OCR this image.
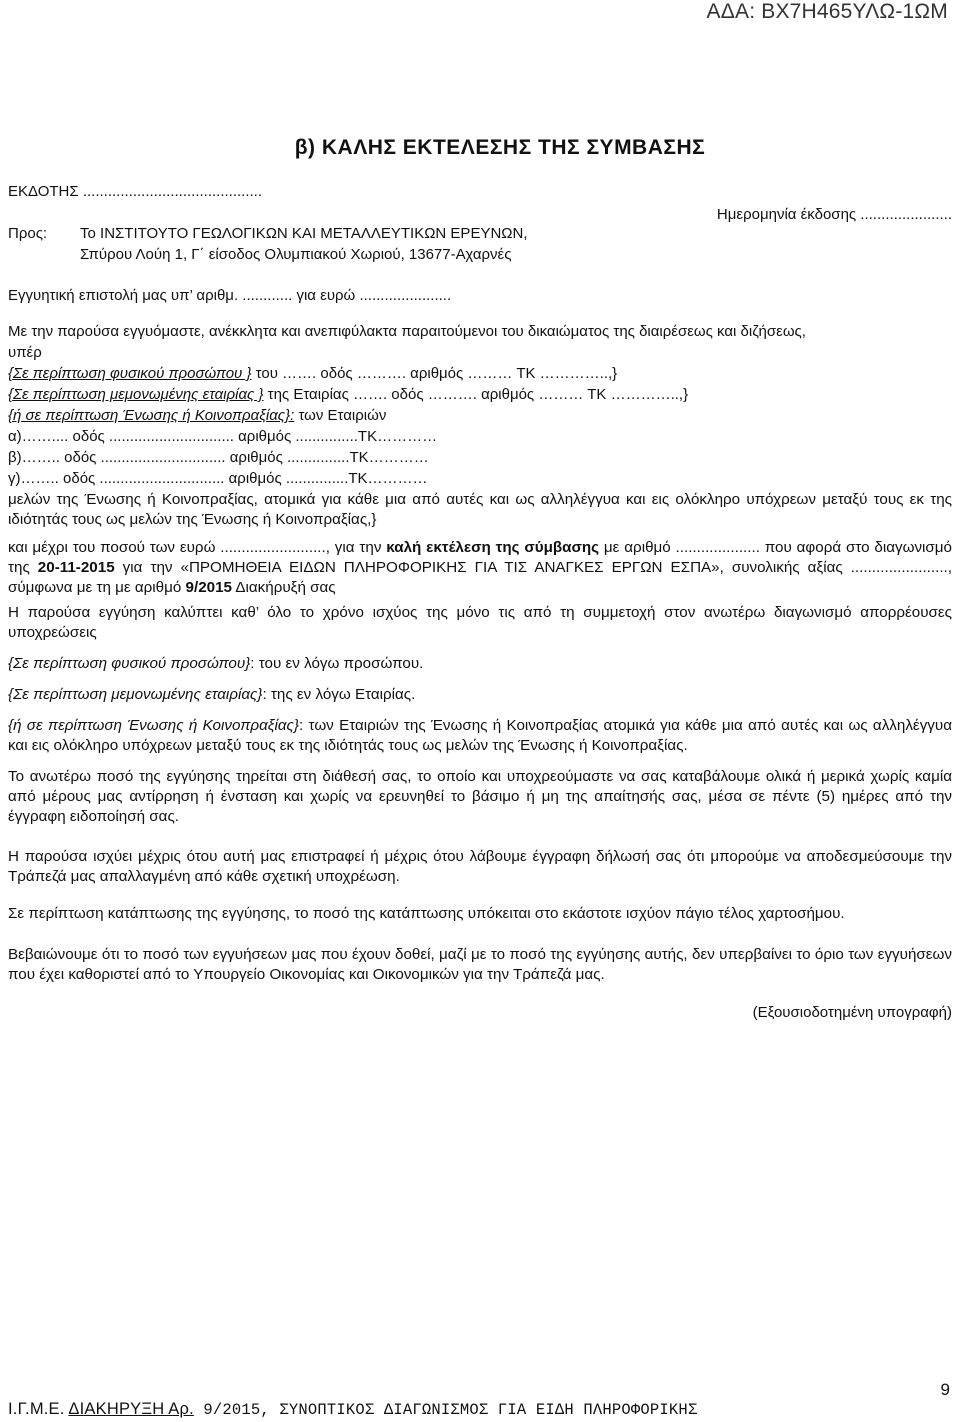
ΑΔΑ: ΒΧ7Η465ΥΛΩ-1ΩΜ
β) ΚΑΛΗΣ ΕΚΤΕΛΕΣΗΣ ΤΗΣ ΣΥΜΒΑΣΗΣ
ΕΚΔΟΤΗΣ ...........................................
Προς: Το ΙΝΣΤΙΤΟΥΤΟ ΓΕΩΛΟΓΙΚΩΝ ΚΑΙ ΜΕΤΑΛΛΕΥΤΙΚΩΝ ΕΡΕΥΝΩΝ,
Σπύρου Λούη 1, Γ΄ είσοδος Ολυμπιακού Χωριού, 13677-Αχαρνές
Ημερομηνία έκδοσης ......................
Εγγυητική επιστολή μας υπ’ αριθμ. ............ για ευρώ ......................
Με την παρούσα εγγυόμαστε, ανέκκλητα και ανεπιφύλακτα παραιτούμενοι του δικαιώματος της διαιρέσεως και διζήσεως,
υπέρ
{Σε περίπτωση φυσικού προσώπου } του ……. οδός ………. αριθμός ……… ΤΚ …………..,}
{Σε περίπτωση μεμονωμένης εταιρίας } της Εταιρίας ……. οδός ………. αριθμός ……… ΤΚ …………..,}
{ή σε περίπτωση Ένωσης ή Κοινοπραξίας}: των Εταιριών
α)…….... οδός .............................. αριθμός ...............ΤΚ…………
β)…….. οδός .............................. αριθμός ...............ΤΚ…………
γ)…….. οδός .............................. αριθμός ...............ΤΚ…………
μελών της Ένωσης ή Κοινοπραξίας, ατομικά για κάθε μια από αυτές και ως αλληλέγγυα και εις ολόκληρο υπόχρεων μεταξύ τους εκ της ιδιότητάς τους ως μελών της Ένωσης ή Κοινοπραξίας,}
και μέχρι του ποσού των ευρώ ........................., για την καλή εκτέλεση της σύμβασης με αριθμό .................... που αφορά στο διαγωνισμό της 20-11-2015 για την «ΠΡΟΜΗΘΕΙΑ ΕΙΔΩΝ ΠΛΗΡΟΦΟΡΙΚΗΣ ΓΙΑ ΤΙΣ ΑΝΑΓΚΕΣ ΕΡΓΩΝ ΕΣΠΑ», συνολικής αξίας ......................., σύμφωνα με τη με αριθμό 9/2015 Διακήρυξή σας
Η παρούσα εγγύηση καλύπτει καθ’ όλο το χρόνο ισχύος της μόνο τις από τη συμμετοχή στον ανωτέρω διαγωνισμό απορρέουσες υποχρεώσεις
{Σε περίπτωση φυσικού προσώπου}: του εν λόγω προσώπου.
{Σε περίπτωση μεμονωμένης εταιρίας}: της εν λόγω Εταιρίας.
{ή σε περίπτωση Ένωσης ή Κοινοπραξίας}: των Εταιριών της Ένωσης ή Κοινοπραξίας ατομικά για κάθε μια από αυτές και ως αλληλέγγυα και εις ολόκληρο υπόχρεων μεταξύ τους εκ της ιδιότητάς τους ως μελών της Ένωσης ή Κοινοπραξίας.
Το ανωτέρω ποσό της εγγύησης τηρείται στη διάθεσή σας, το οποίο και υποχρεούμαστε να σας καταβάλουμε ολικά ή μερικά χωρίς καμία από μέρους μας αντίρρηση ή ένσταση και χωρίς να ερευνηθεί το βάσιμο ή μη της απαίτησής σας, μέσα σε πέντε (5) ημέρες από την έγγραφη ειδοποίησή σας.
Η παρούσα ισχύει μέχρις ότου αυτή μας επιστραφεί ή μέχρις ότου λάβουμε έγγραφη δήλωσή σας ότι μπορούμε να αποδεσμεύσουμε την Τράπεζά μας απαλλαγμένη από κάθε σχετική υποχρέωση.
Σε περίπτωση κατάπτωσης της εγγύησης, το ποσό της κατάπτωσης υπόκειται στο εκάστοτε ισχύον πάγιο τέλος χαρτοσήμου.
Βεβαιώνουμε ότι το ποσό των εγγυήσεων μας που έχουν δοθεί, μαζί με το ποσό της εγγύησης αυτής, δεν υπερβαίνει το όριο των εγγυήσεων που έχει καθοριστεί από το Υπουργείο Οικονομίας και Οικονομικών για την Τράπεζά μας.
(Εξουσιοδοτημένη υπογραφή)
9
Ι.Γ.Μ.Ε. ΔΙΑΚΗΡΥΞΗ Αρ. 9/2015, ΣΥΝΟΠΤΙΚΟΣ ΔΙΑΓΩΝΙΣΜΟΣ ΓΙΑ ΕΙΔΗ ΠΛΗΡΟΦΟΡΙΚΗΣ
